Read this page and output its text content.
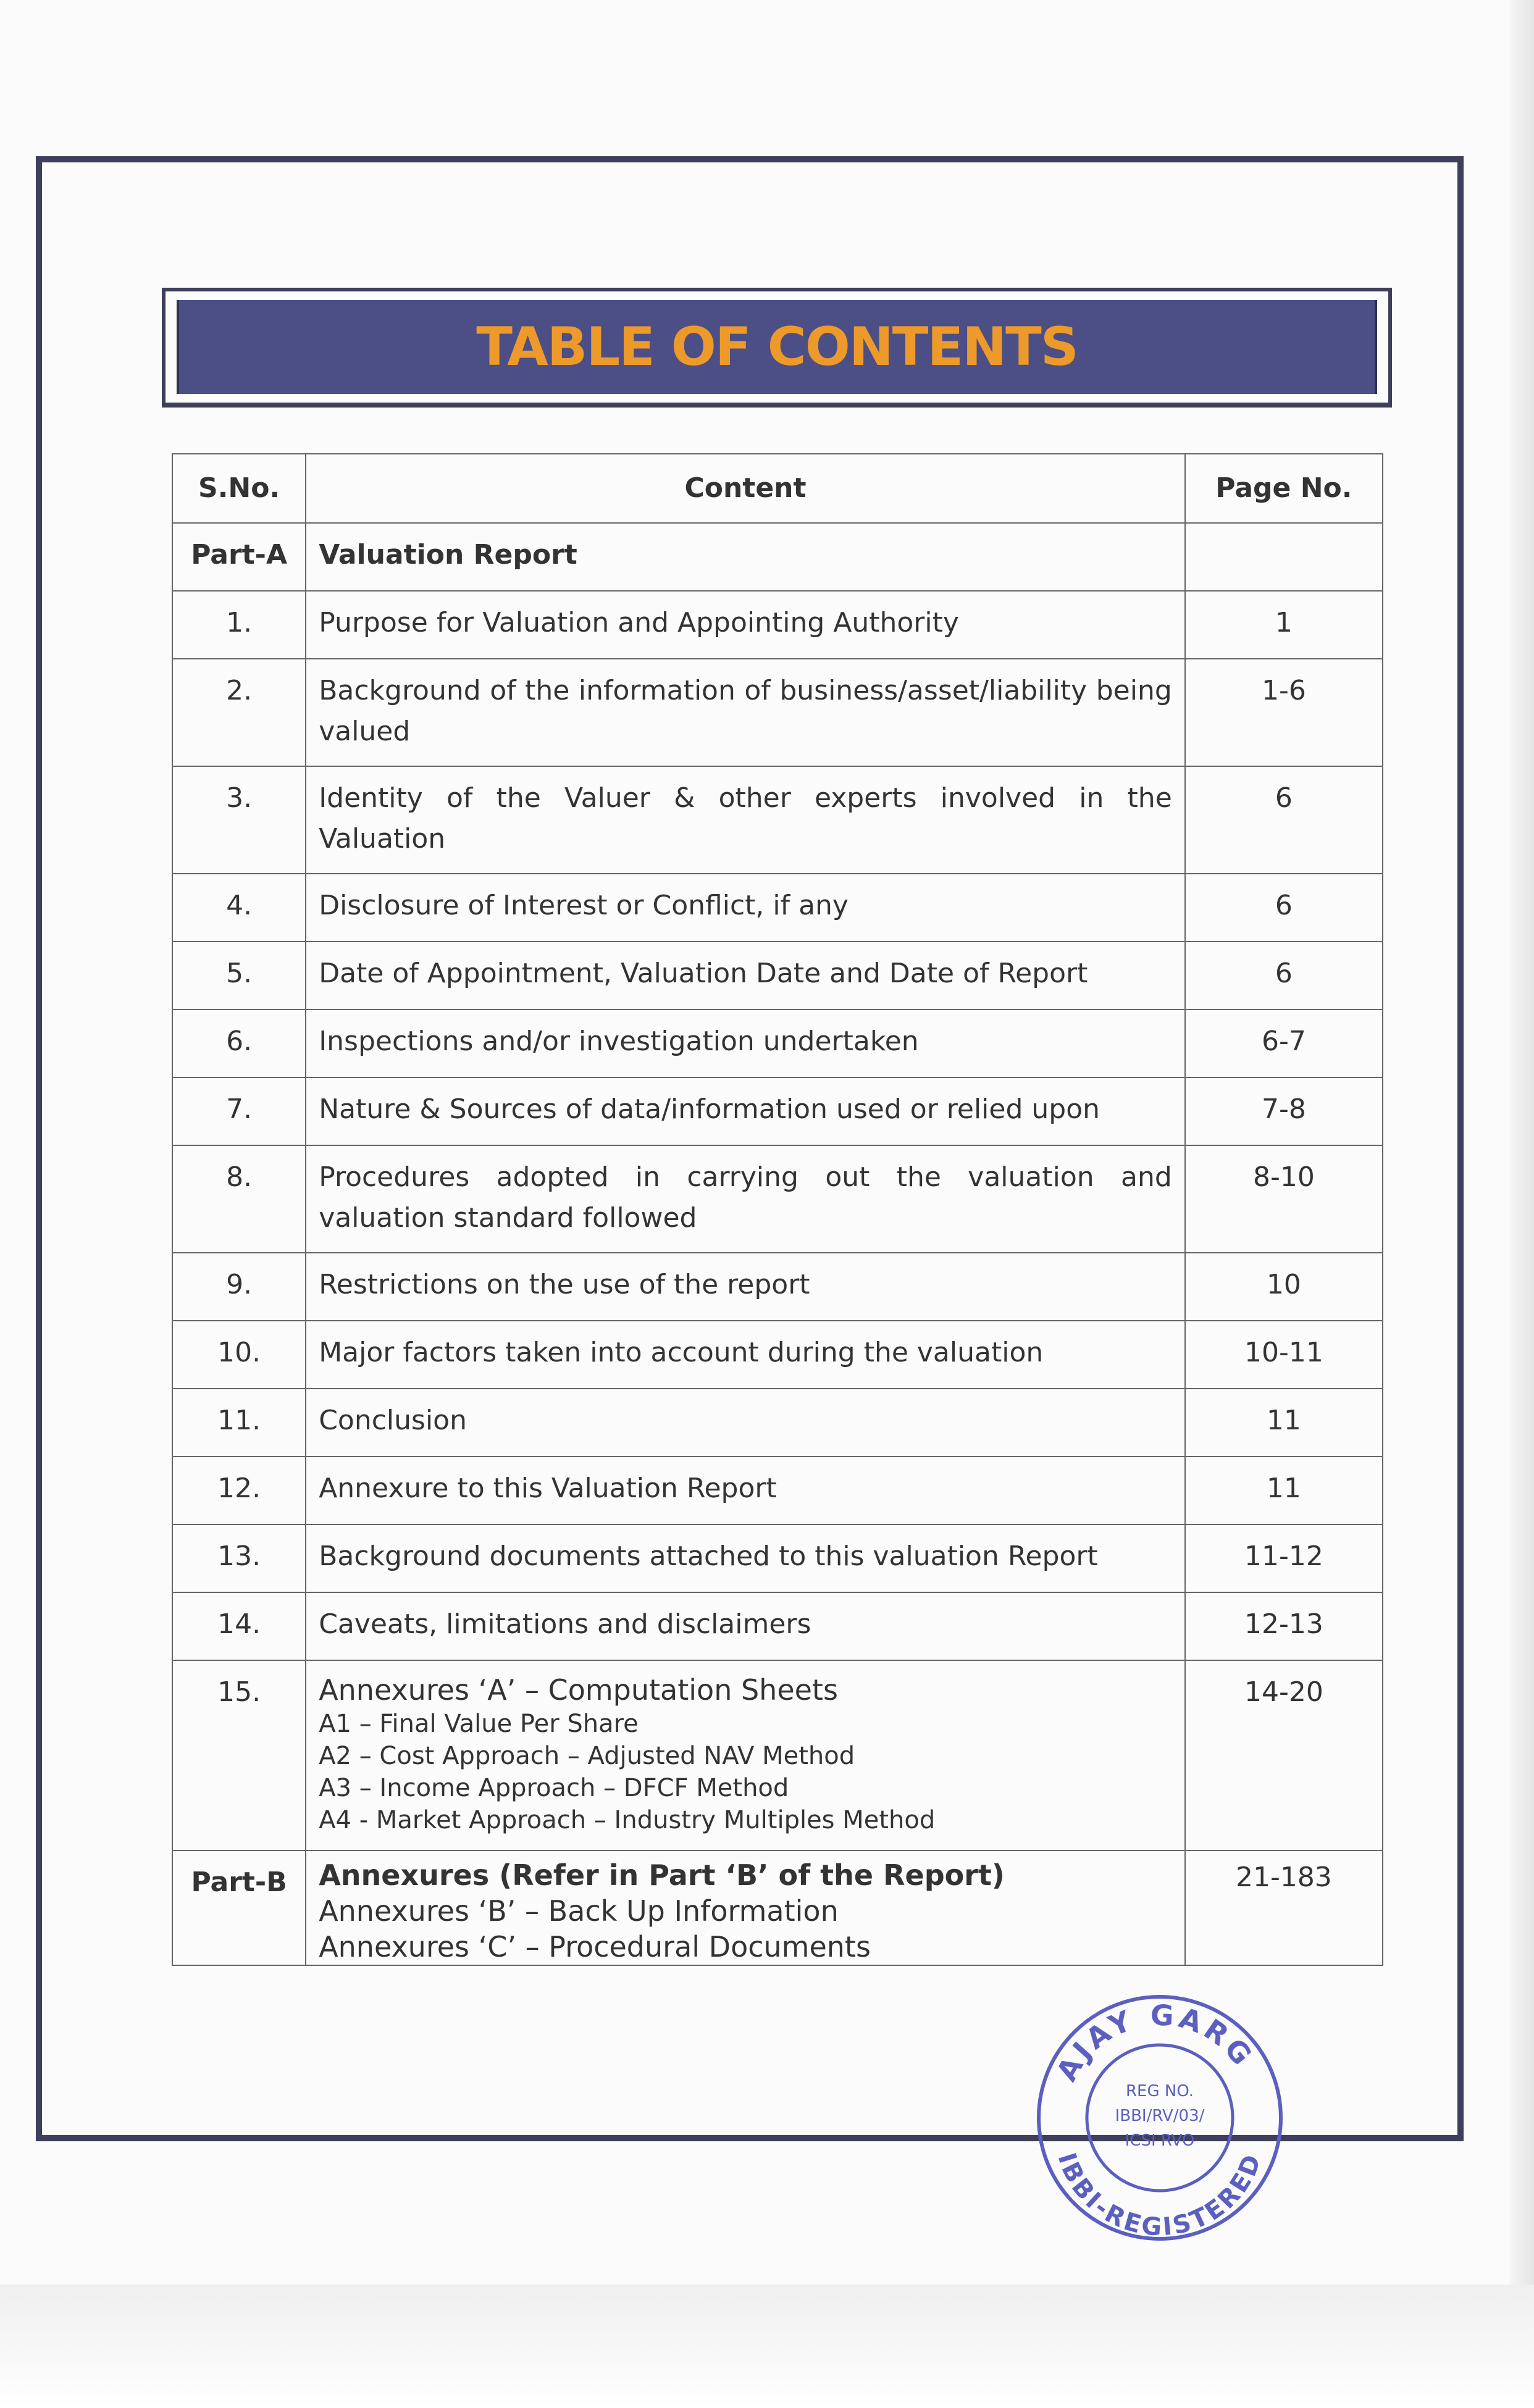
TABLE OF CONTENTS
S.No.	Content	Page No.
Part-A	Valuation Report	
1.	Purpose for Valuation and Appointing Authority	1
2.	Background of the information of business/asset/liability being valued	1-6
3.	Identity of the Valuer & other experts involved in the Valuation	6
4.	Disclosure of Interest or Conflict, if any	6
5.	Date of Appointment, Valuation Date and Date of Report	6
6.	Inspections and/or investigation undertaken	6-7
7.	Nature & Sources of data/information used or relied upon	7-8
8.	Procedures adopted in carrying out the valuation and valuation standard followed	8-10
9.	Restrictions on the use of the report	10
10.	Major factors taken into account during the valuation	10-11
11.	Conclusion	11
12.	Annexure to this Valuation Report	11
13.	Background documents attached to this valuation Report	11-12
14.	Caveats, limitations and disclaimers	12-13
15.	Annexures ‘A’ – Computation Sheets
A1 – Final Value Per Share
A2 – Cost Approach – Adjusted NAV Method
A3 – Income Approach – DFCF Method
A4 - Market Approach – Industry Multiples Method	14-20
Part-B	Annexures (Refer in Part ‘B’ of the Report)
Annexures ‘B’ – Back Up Information
Annexures ‘C’ – Procedural Documents	21-183
AJAY GARG
IBBI-REGISTERED
REG NO.
IBBI/RV/03/
ICSI RVO
